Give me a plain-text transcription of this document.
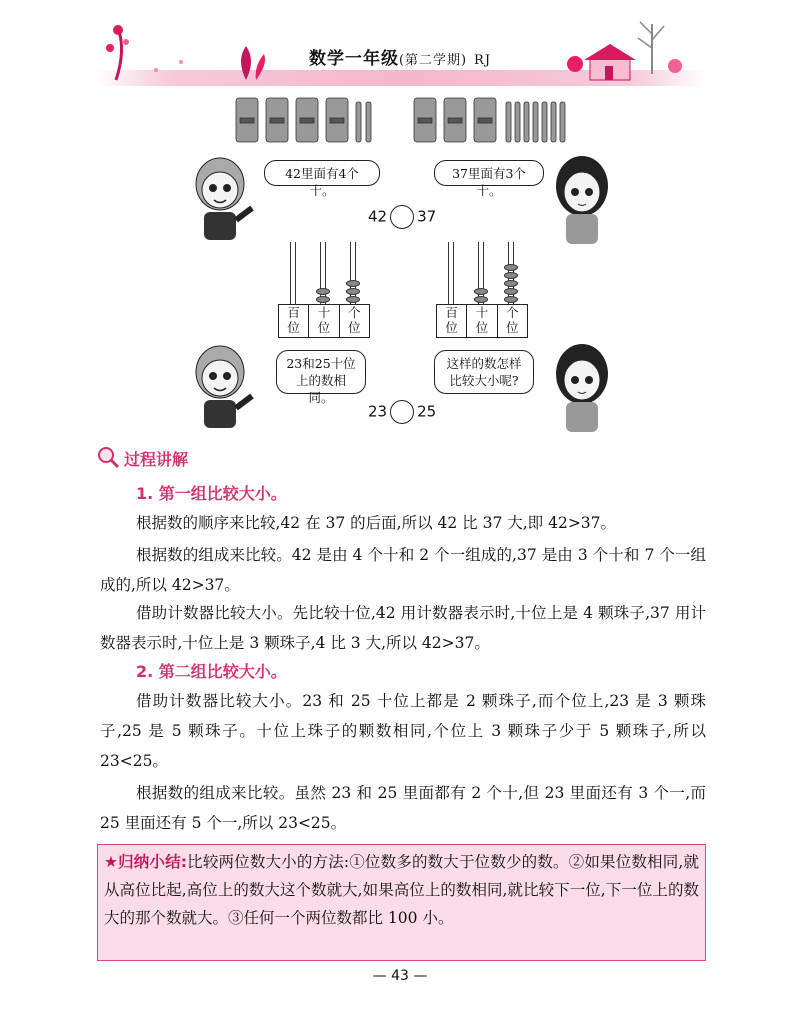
数学一年级(第二学期) RJ
42里面有4个十。
37里面有3个十。
42 37
百
位
十
位
个
位
百
位
十
位
个
位
23和25十位上的数相同。
这样的数怎样比较大小呢?
23 25
过程讲解
1. 第一组比较大小。
根据数的顺序来比较,42 在 37 的后面,所以 42 比 37 大,即 42>37。
根据数的组成来比较。42 是由 4 个十和 2 个一组成的,37 是由 3 个十和 7 个一组成的,所以 42>37。
借助计数器比较大小。先比较十位,42 用计数器表示时,十位上是 4 颗珠子,37 用计数器表示时,十位上是 3 颗珠子,4 比 3 大,所以 42>37。
2. 第二组比较大小。
借助计数器比较大小。23 和 25 十位上都是 2 颗珠子,而个位上,23 是 3 颗珠子,25 是 5 颗珠子。十位上珠子的颗数相同,个位上 3 颗珠子少于 5 颗珠子,所以 23<25。
根据数的组成来比较。虽然 23 和 25 里面都有 2 个十,但 23 里面还有 3 个一,而 25 里面还有 5 个一,所以 23<25。
★归纳小结:比较两位数大小的方法:①位数多的数大于位数少的数。②如果位数相同,就从高位比起,高位上的数大这个数就大,如果高位上的数相同,就比较下一位,下一位上的数大的那个数就大。③任何一个两位数都比 100 小。
— 43 —
